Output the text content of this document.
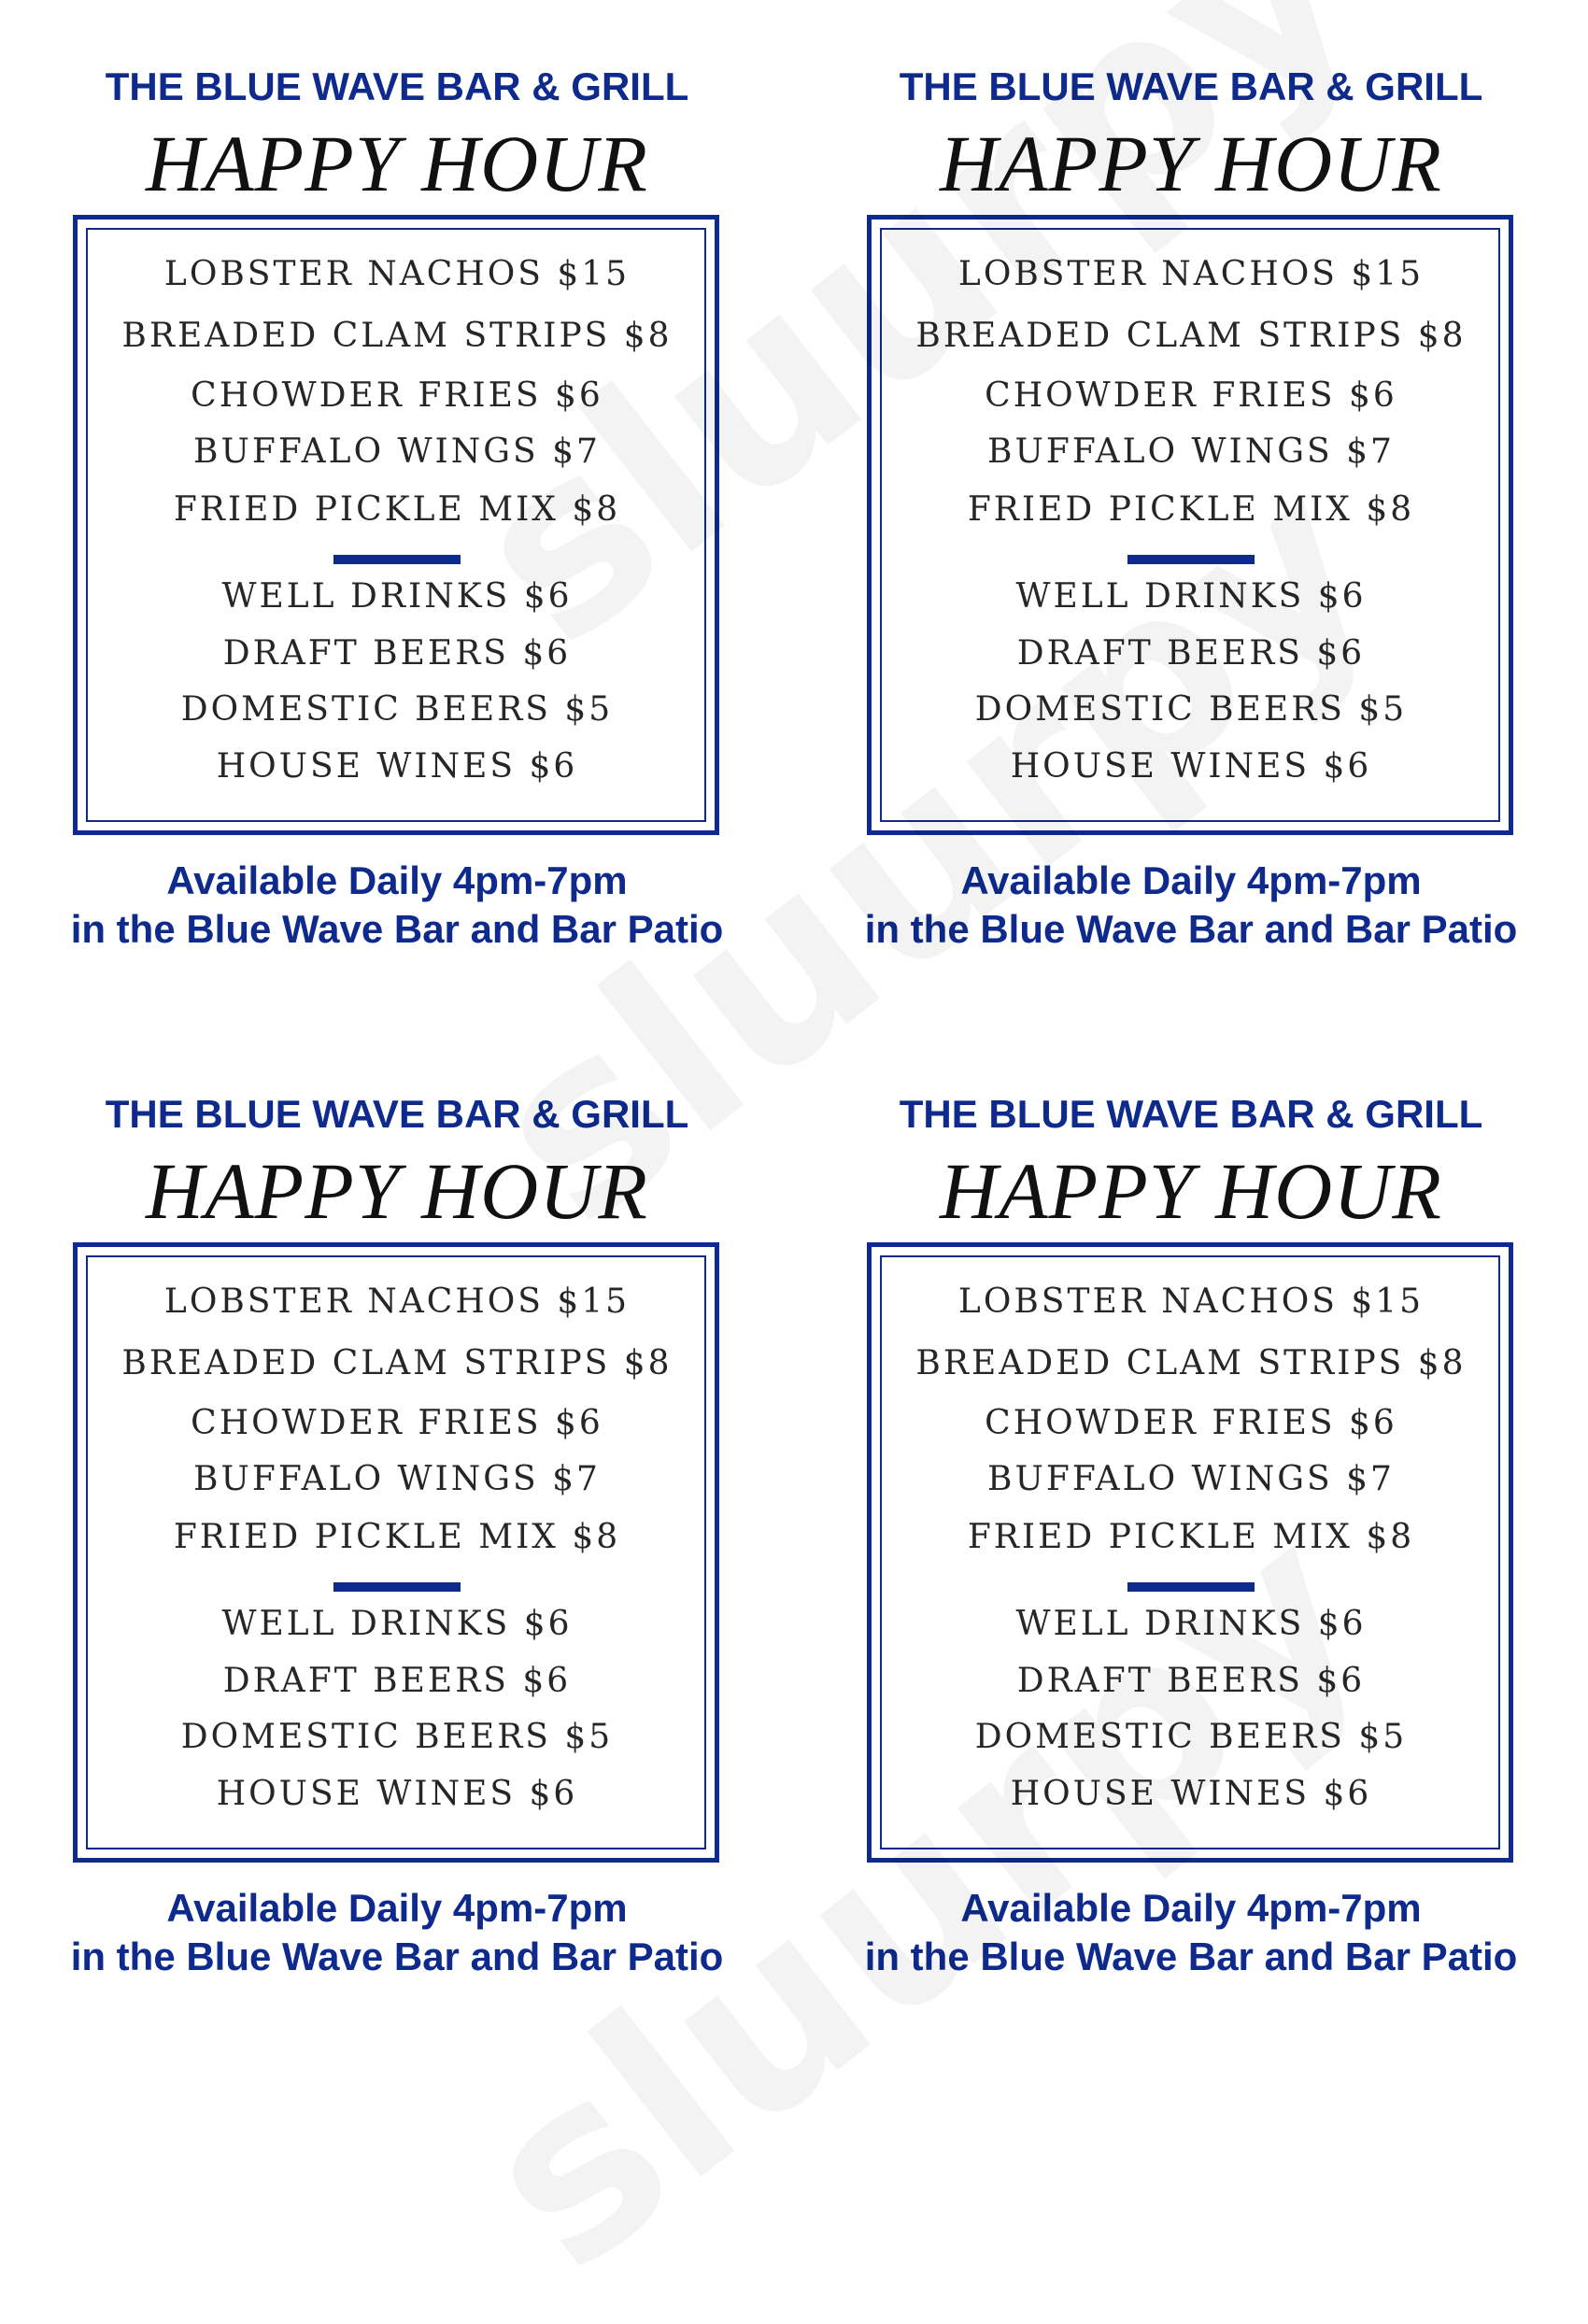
THE BLUE WAVE BAR & GRILL
HAPPY HOUR
LOBSTER NACHOS $15
BREADED CLAM STRIPS $8
CHOWDER FRIES $6
BUFFALO WINGS $7
FRIED PICKLE MIX $8
WELL DRINKS $6
DRAFT BEERS $6
DOMESTIC BEERS $5
HOUSE WINES $6
Available Daily 4pm-7pm
in the Blue Wave Bar and Bar Patio
THE BLUE WAVE BAR & GRILL
HAPPY HOUR
LOBSTER NACHOS $15
BREADED CLAM STRIPS $8
CHOWDER FRIES $6
BUFFALO WINGS $7
FRIED PICKLE MIX $8
WELL DRINKS $6
DRAFT BEERS $6
DOMESTIC BEERS $5
HOUSE WINES $6
Available Daily 4pm-7pm
in the Blue Wave Bar and Bar Patio
THE BLUE WAVE BAR & GRILL
HAPPY HOUR
LOBSTER NACHOS $15
BREADED CLAM STRIPS $8
CHOWDER FRIES $6
BUFFALO WINGS $7
FRIED PICKLE MIX $8
WELL DRINKS $6
DRAFT BEERS $6
DOMESTIC BEERS $5
HOUSE WINES $6
Available Daily 4pm-7pm
in the Blue Wave Bar and Bar Patio
THE BLUE WAVE BAR & GRILL
HAPPY HOUR
LOBSTER NACHOS $15
BREADED CLAM STRIPS $8
CHOWDER FRIES $6
BUFFALO WINGS $7
FRIED PICKLE MIX $8
WELL DRINKS $6
DRAFT BEERS $6
DOMESTIC BEERS $5
HOUSE WINES $6
Available Daily 4pm-7pm
in the Blue Wave Bar and Bar Patio
